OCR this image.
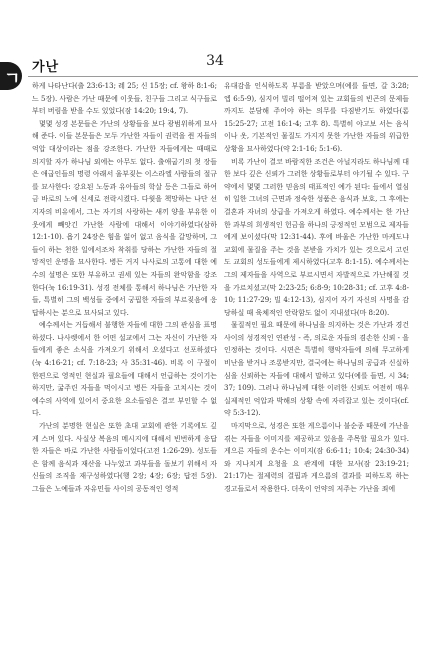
ㄱ
가난	34

하게 나타난다(출 23:6-13; 레 25; 신 15장; cf. 왕하 8:1-6; 느 5장). 사람은 가난 때문에 이웃들, 친구들 그리고 식구들로부터 버림을 받을 수도 있었다(잠 14:20; 19:4, 7).

몇몇 성경 본문들은 가난의 상황들을 보다 광범위하게 묘사해 준다. 이들 본문들은 모두 가난한 자들이 권력을 쥔 자들의 억압 대상이라는 점을 강조한다. 가난한 자들에게는 때때로 의지할 자가 하나님 외에는 아무도 없다. 출애굽기의 첫 장들은 애굽인들의 명령 아래서 울부짖는 이스라엘 사람들의 절규를 묘사한다: 강요된 노동과 유아들의 학살 등은 그들로 하여금 바로의 노예 신세로 전락시켰다. 다윗을 책망하는 나단 선지자의 비유에서, 그는 자기의 사랑하는 새끼 양을 부유한 이웃에게 빼앗긴 가난한 사람에 대해서 이야기하였다(삼하 12:1-10). 욥기 24장은 힘을 잃어 없고 음식을 갈망하며, 그들이 하는 천한 일에서조차 착취를 당하는 가난한 자들의 절망적인 운명을 묘사한다. 병든 거지 나사로의 고통에 대한 예수의 설명은 또한 부유하고 권세 있는 자들의 완악함을 강조한다(눅 16:19-31). 성경 전체를 통해서 하나님은 가난한 자들, 특별히 그의 백성들 중에서 궁핍한 자들의 부르짖음에 응답하시는 분으로 묘사되고 있다.

예수께서는 거듭해서 불행한 자들에 대한 그의 관심을 표명하셨다. 나사렛에서 한 어떤 설교에서 그는 자신이 가난한 자들에게 좋은 소식을 가져오기 위해서 오셨다고 선포하셨다(눅 4:16-21; cf. 7:18-23; 사 35:31-46). 비록 이 구절이 한편으로 영적인 현실과 필요들에 대해서 언급하는 것이기는 하지만, 굶주린 자들을 먹이시고 병든 자들을 고치시는 것이 예수의 사역에 있어서 중요한 요소들임은 결코 부인할 수 없다.

가난의 분명한 현실은 또한 초대 교회에 관한 기록에도 깊게 스며 있다. 사실상 복음의 메시지에 대해서 빈번하게 응답한 자들은 바로 가난한 사람들이었다(고전 1:26-29). 성도들은 함께 음식과 재산을 나누었고 과부들을 돌보기 위해서 자신들의 조직을 재구성하였다(행 2장; 4장; 6장; 답전 5장). 그들은 노예들과 자유민들 사이의 공동적인 영적

유대감을 인식하도록 부름을 받았으며(예를 들면, 갈 3:28; 엡 6:5-9), 심지어 빌리 떨어져 있는 교회들의 빈곤의 문제들까지도 분담해 주어야 하는 의무를 다짐받기도 하였다(롬 15:25-27; 고전 16:1-4; 고후 8). 특별히 야고보 서는 음식이나 옷, 기본적인 물질도 가지지 못한 가난한 자들의 위급한 상황을 묘사하였다(약 2:1-16; 5:1-6).

비록 가난이 결코 바람직한 조건은 아닐지라도 하나님께 대한 보다 깊은 신뢰가 그러한 상황들로부터 야기될 수 있다. 구약에서 몇몇 그러한 믿음의 태표적인 예가 된다: 들에서 열심히 일한 그녀의 근면과 정숙한 성품은 음식과 보호, 그 후에는 결혼과 자녀의 상급을 가져오게 하였다. 예수께서는 한 가난한 과부의 희생적인 헌금을 하나의 긍정적인 모범으로 제자들에게 보이셨다(막 12:31-44). 후에 바울은 가난한 마케도냐 교회에 물질을 주는 것을 본받을 가치가 있는 것으로서 고린도 교회의 성도들에게 제시하였다(고후 8:1-15). 예수께서는 그의 제자들을 사역으로 부르시면서 자발적으로 가난해질 것을 가르치셨고(막 2:23-25; 6:8-9; 10:28-31; cf. 고후 4:8-10; 11:27-29; 빌 4:12-13), 심지어 자기 자신의 사명을 감당하실 때 육체적인 안락함도 없이 지내셨다(마 8:20).

물질적인 필요 때문에 하나님을 의지하는 것은 가난과 경건 사이의 성경적인 연관성 - 즉, 의로운 자들의 겸손한 신뢰 - 을 인정하는 것이다. 시편은 특별히 행악자들에 의해 무고하게 비난을 받거나 조롱받지만, 결국에는 하나님의 공급과 신실하심을 신뢰하는 자들에 대해서 말하고 있다(예를 들면, 시 34; 37; 109). 그러나 하나님께 대한 이러한 신뢰도 여전히 매우 실제적인 억압과 박해의 상황 속에 자리잡고 있는 것이다(cf. 약 5:3-12).

마지막으로, 성경은 또한 게으름이나 불순종 때문에 가난을 겪는 자들을 이미지를 제공하고 있음을 주목할 필요가 있다. 게으른 자들의 운수는 이미지(잠 6:6-11; 10:4; 24:30-34)와 지나치게 요청을 요 관계에 대한 묘사(잠 23:19-21; 21:17)는 절제력의 결핍과 게으름의 결과를 피하도록 하는 경고들로서 작용한다. 더욱이 언약의 저주는 가난을 죄에
